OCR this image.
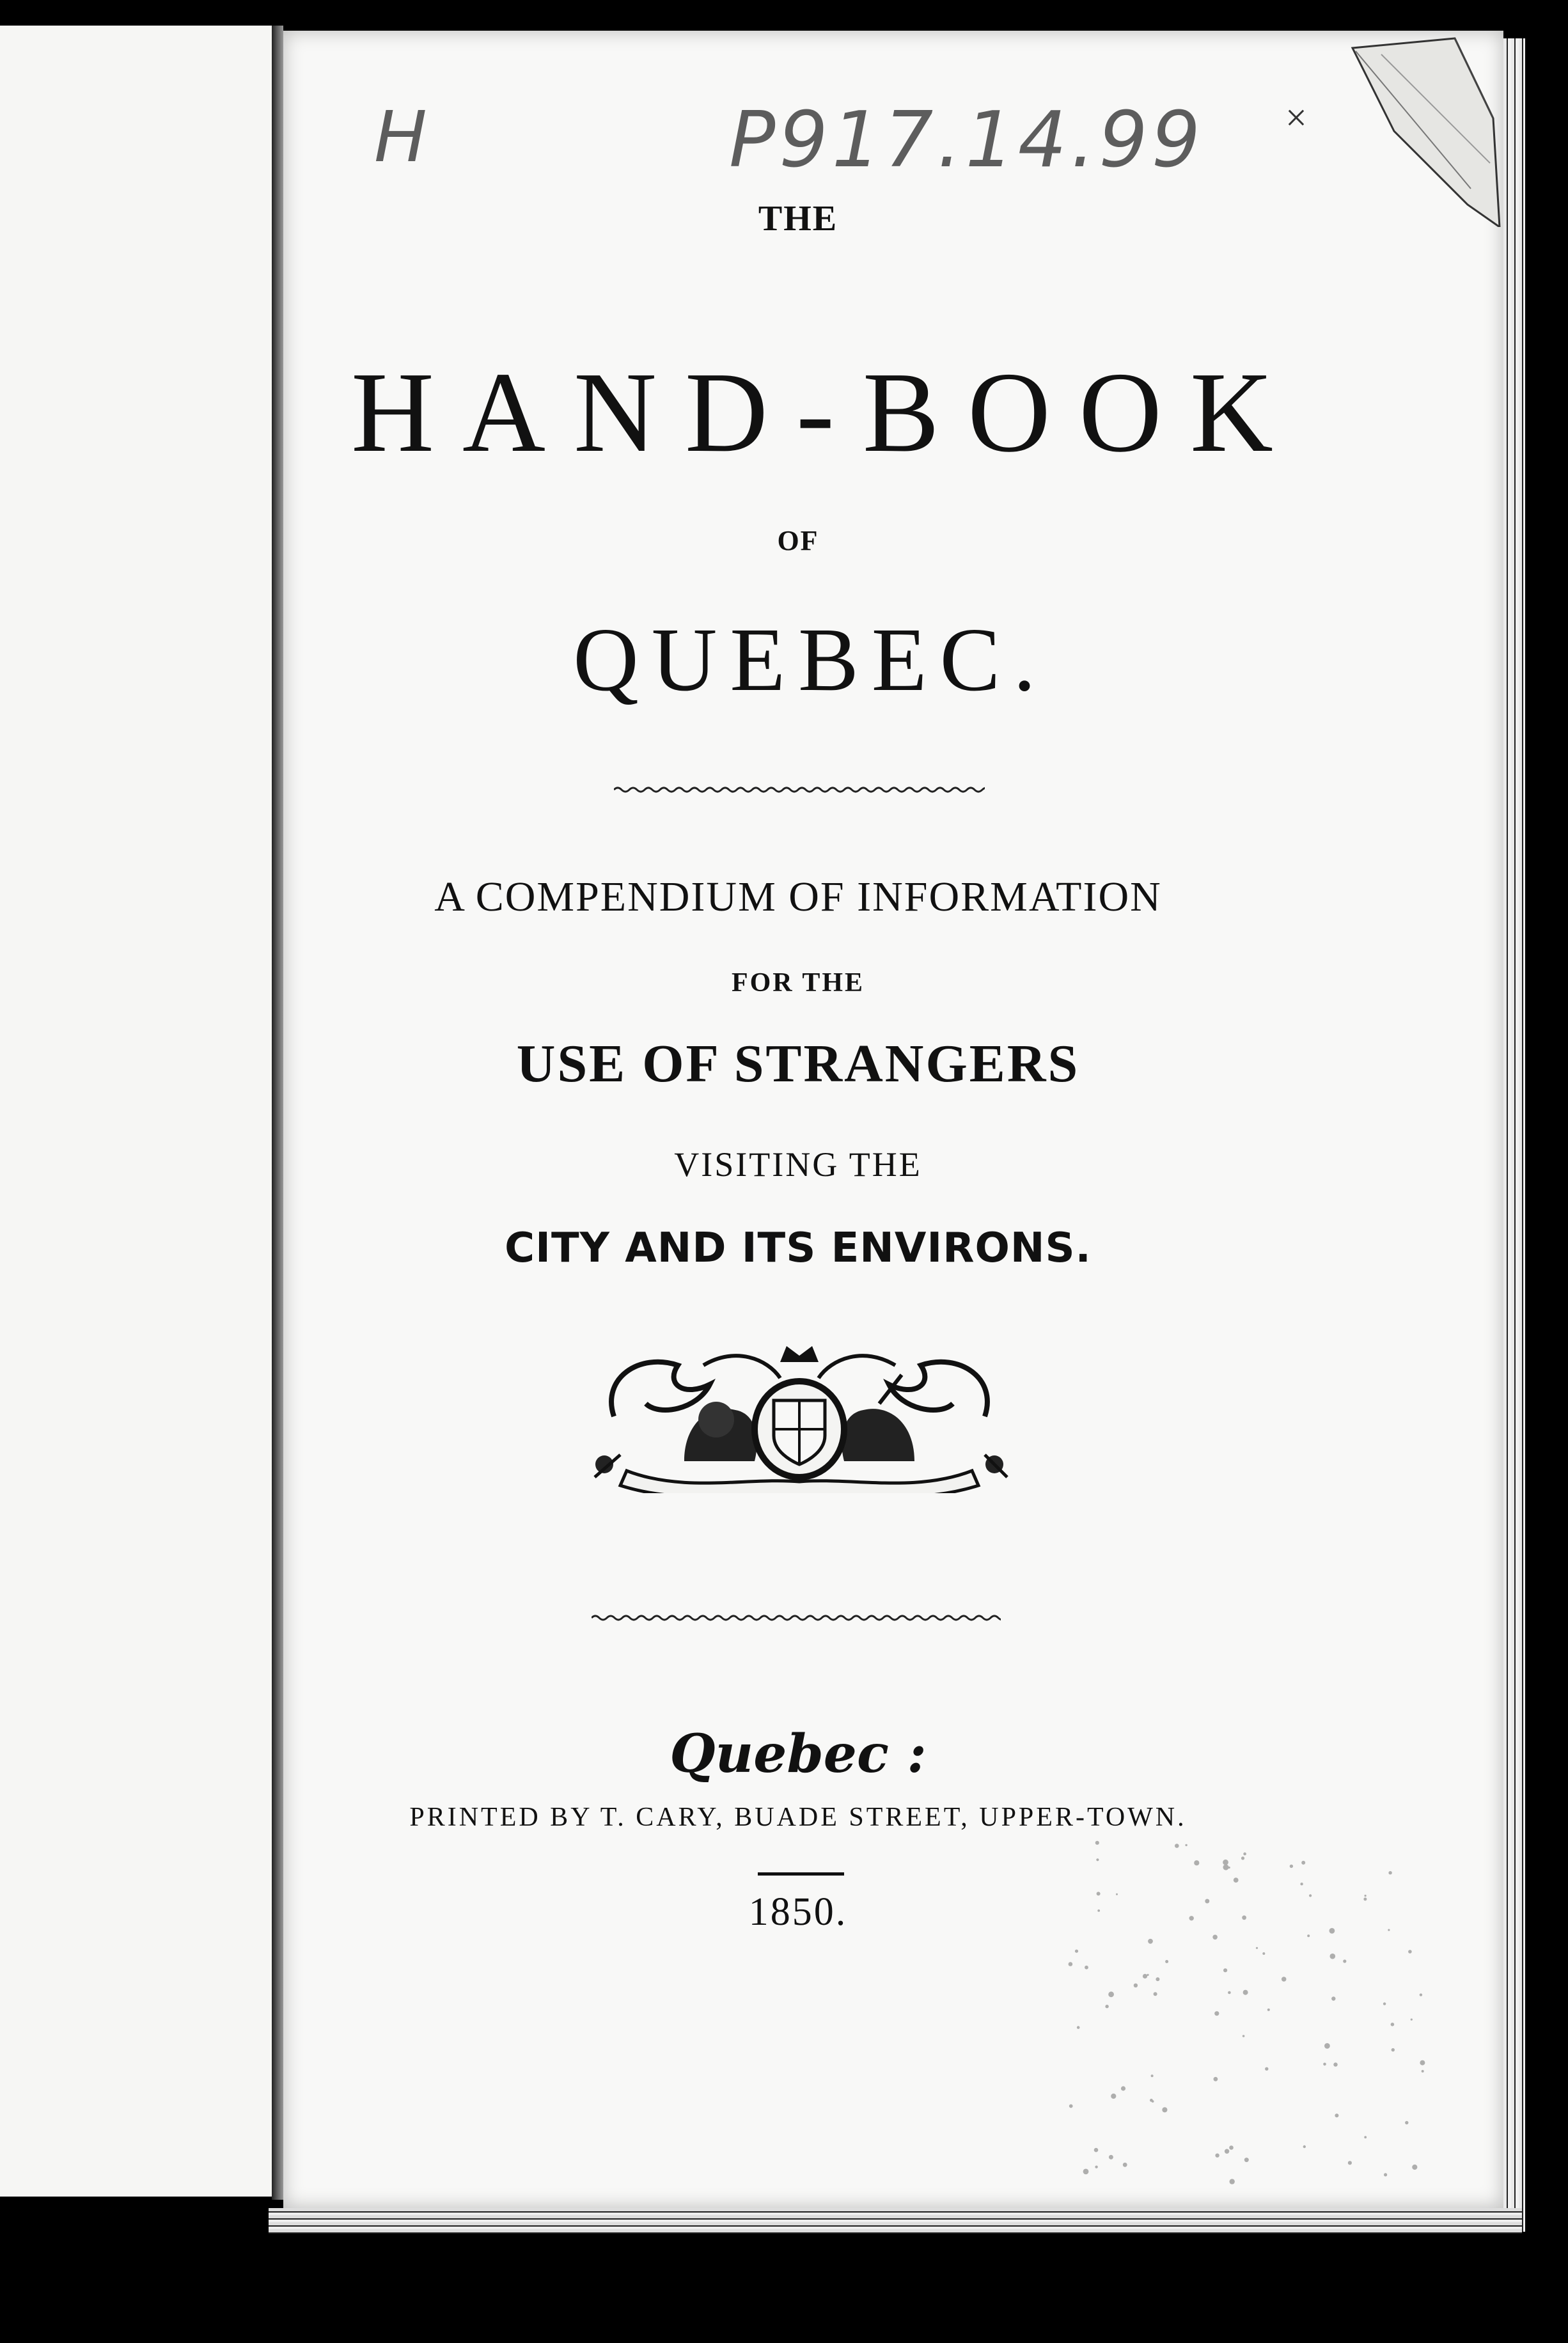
H	P917.14.99 ×
THE
HAND-BOOK
OF
QUEBEC.
A COMPENDIUM OF INFORMATION
FOR THE
USE OF STRANGERS
VISITING THE
CITY AND ITS ENVIRONS.
Quebec :
PRINTED BY T. CARY, BUADE STREET, UPPER-TOWN.
1850.
